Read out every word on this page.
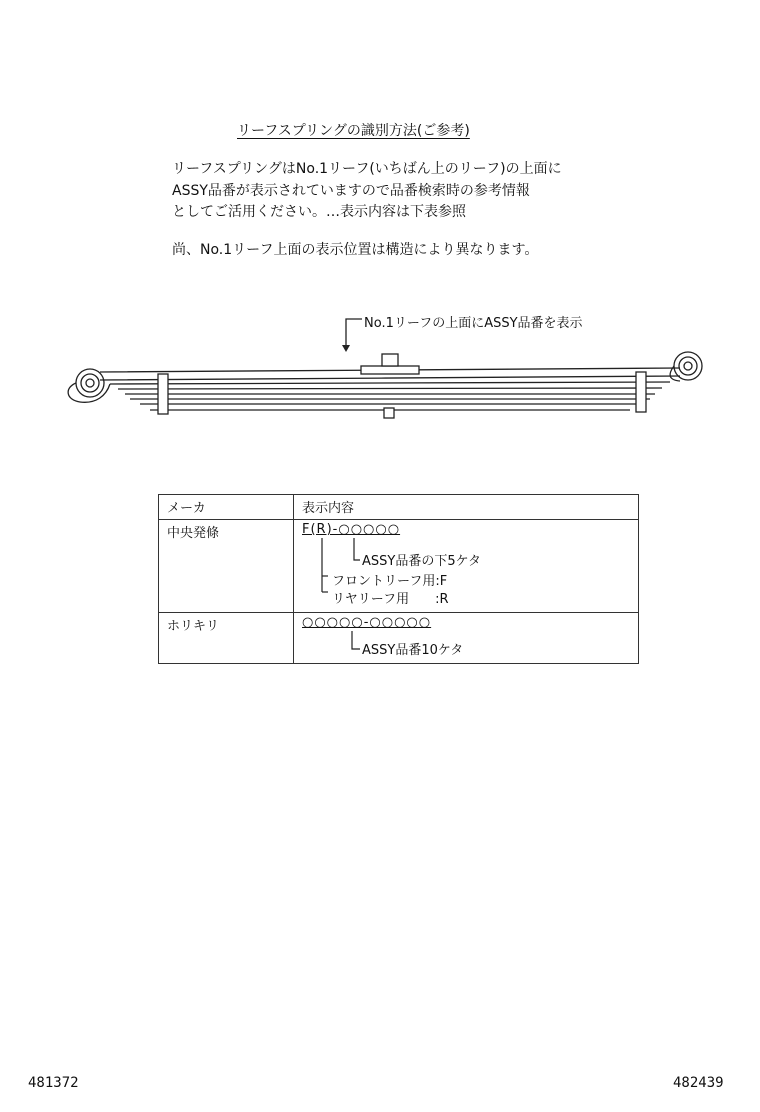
リーフスプリングの識別方法(ご参考)
リーフスプリングはNo.1リーフ(いちばん上のリーフ)の上面に
ASSY品番が表示されていますので品番検索時の参考情報
としてご活用ください。…表示内容は下表参照
尚、No.1リーフ上面の表示位置は構造により異なります。
No.1リーフの上面にASSY品番を表示
メーカ	表示内容
中央発條	F(R)-○○○○○
ASSY品番の下5ケタ
フロントリーフ用:F
リヤリーフ用　　:R

ホリキリ	○○○○○-○○○○○
ASSY品番10ケタ
481372	482439
